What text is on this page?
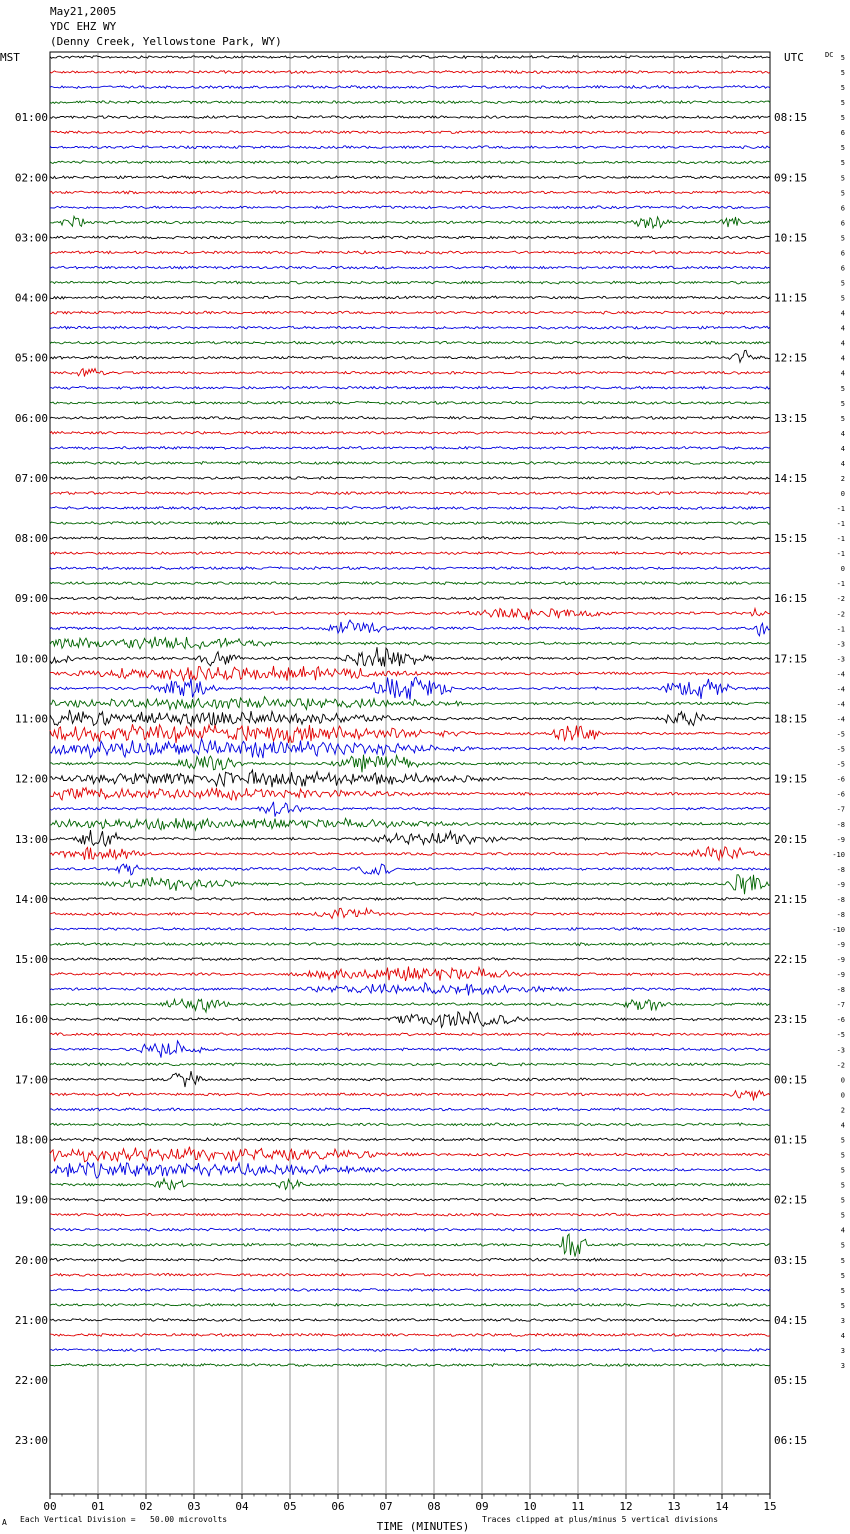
May21,2005
YDC EHZ WY
(Denny Creek, Yellowstone Park, WY)
00	01	02	03	04	05	06	07	08	09	10	11	12	13	14	15
TIME (MINUTES)
MST	UTC	DC
01:00
02:00
03:00
04:00
05:00
06:00
07:00
08:00
09:00
10:00
11:00
12:00
13:00
14:00
15:00
16:00
17:00
18:00
19:00
20:00
21:00
22:00
23:00
08:15
09:15
10:15
11:15
12:15
13:15
14:15
15:15
16:15
17:15
18:15
19:15
20:15
21:15
22:15
23:15
00:15
01:15
02:15
03:15
04:15
05:15
06:15
5
5
5
5
5
6
5
5
5
5
6
6
5
6
6
5
5
4
4
4
4
4
5
5
5
4
4
4
2
0
-1
-1
-1
-1
0
-1
-2
-2
-1
-3
-3
-4
-4
-4
-4
-5
-5
-5
-6
-6
-7
-8
-9
-10
-8
-9
-8
-8
-10
-9
-9
-9
-8
-7
-6
-5
-3
-2
0
0
2
4
5
5
5
5
5
5
4
5
5
5
5
5
3
4
3
3
A Each Vertical Division =   50.00 microvolts	Traces clipped at plus/minus 5 vertical divisions
